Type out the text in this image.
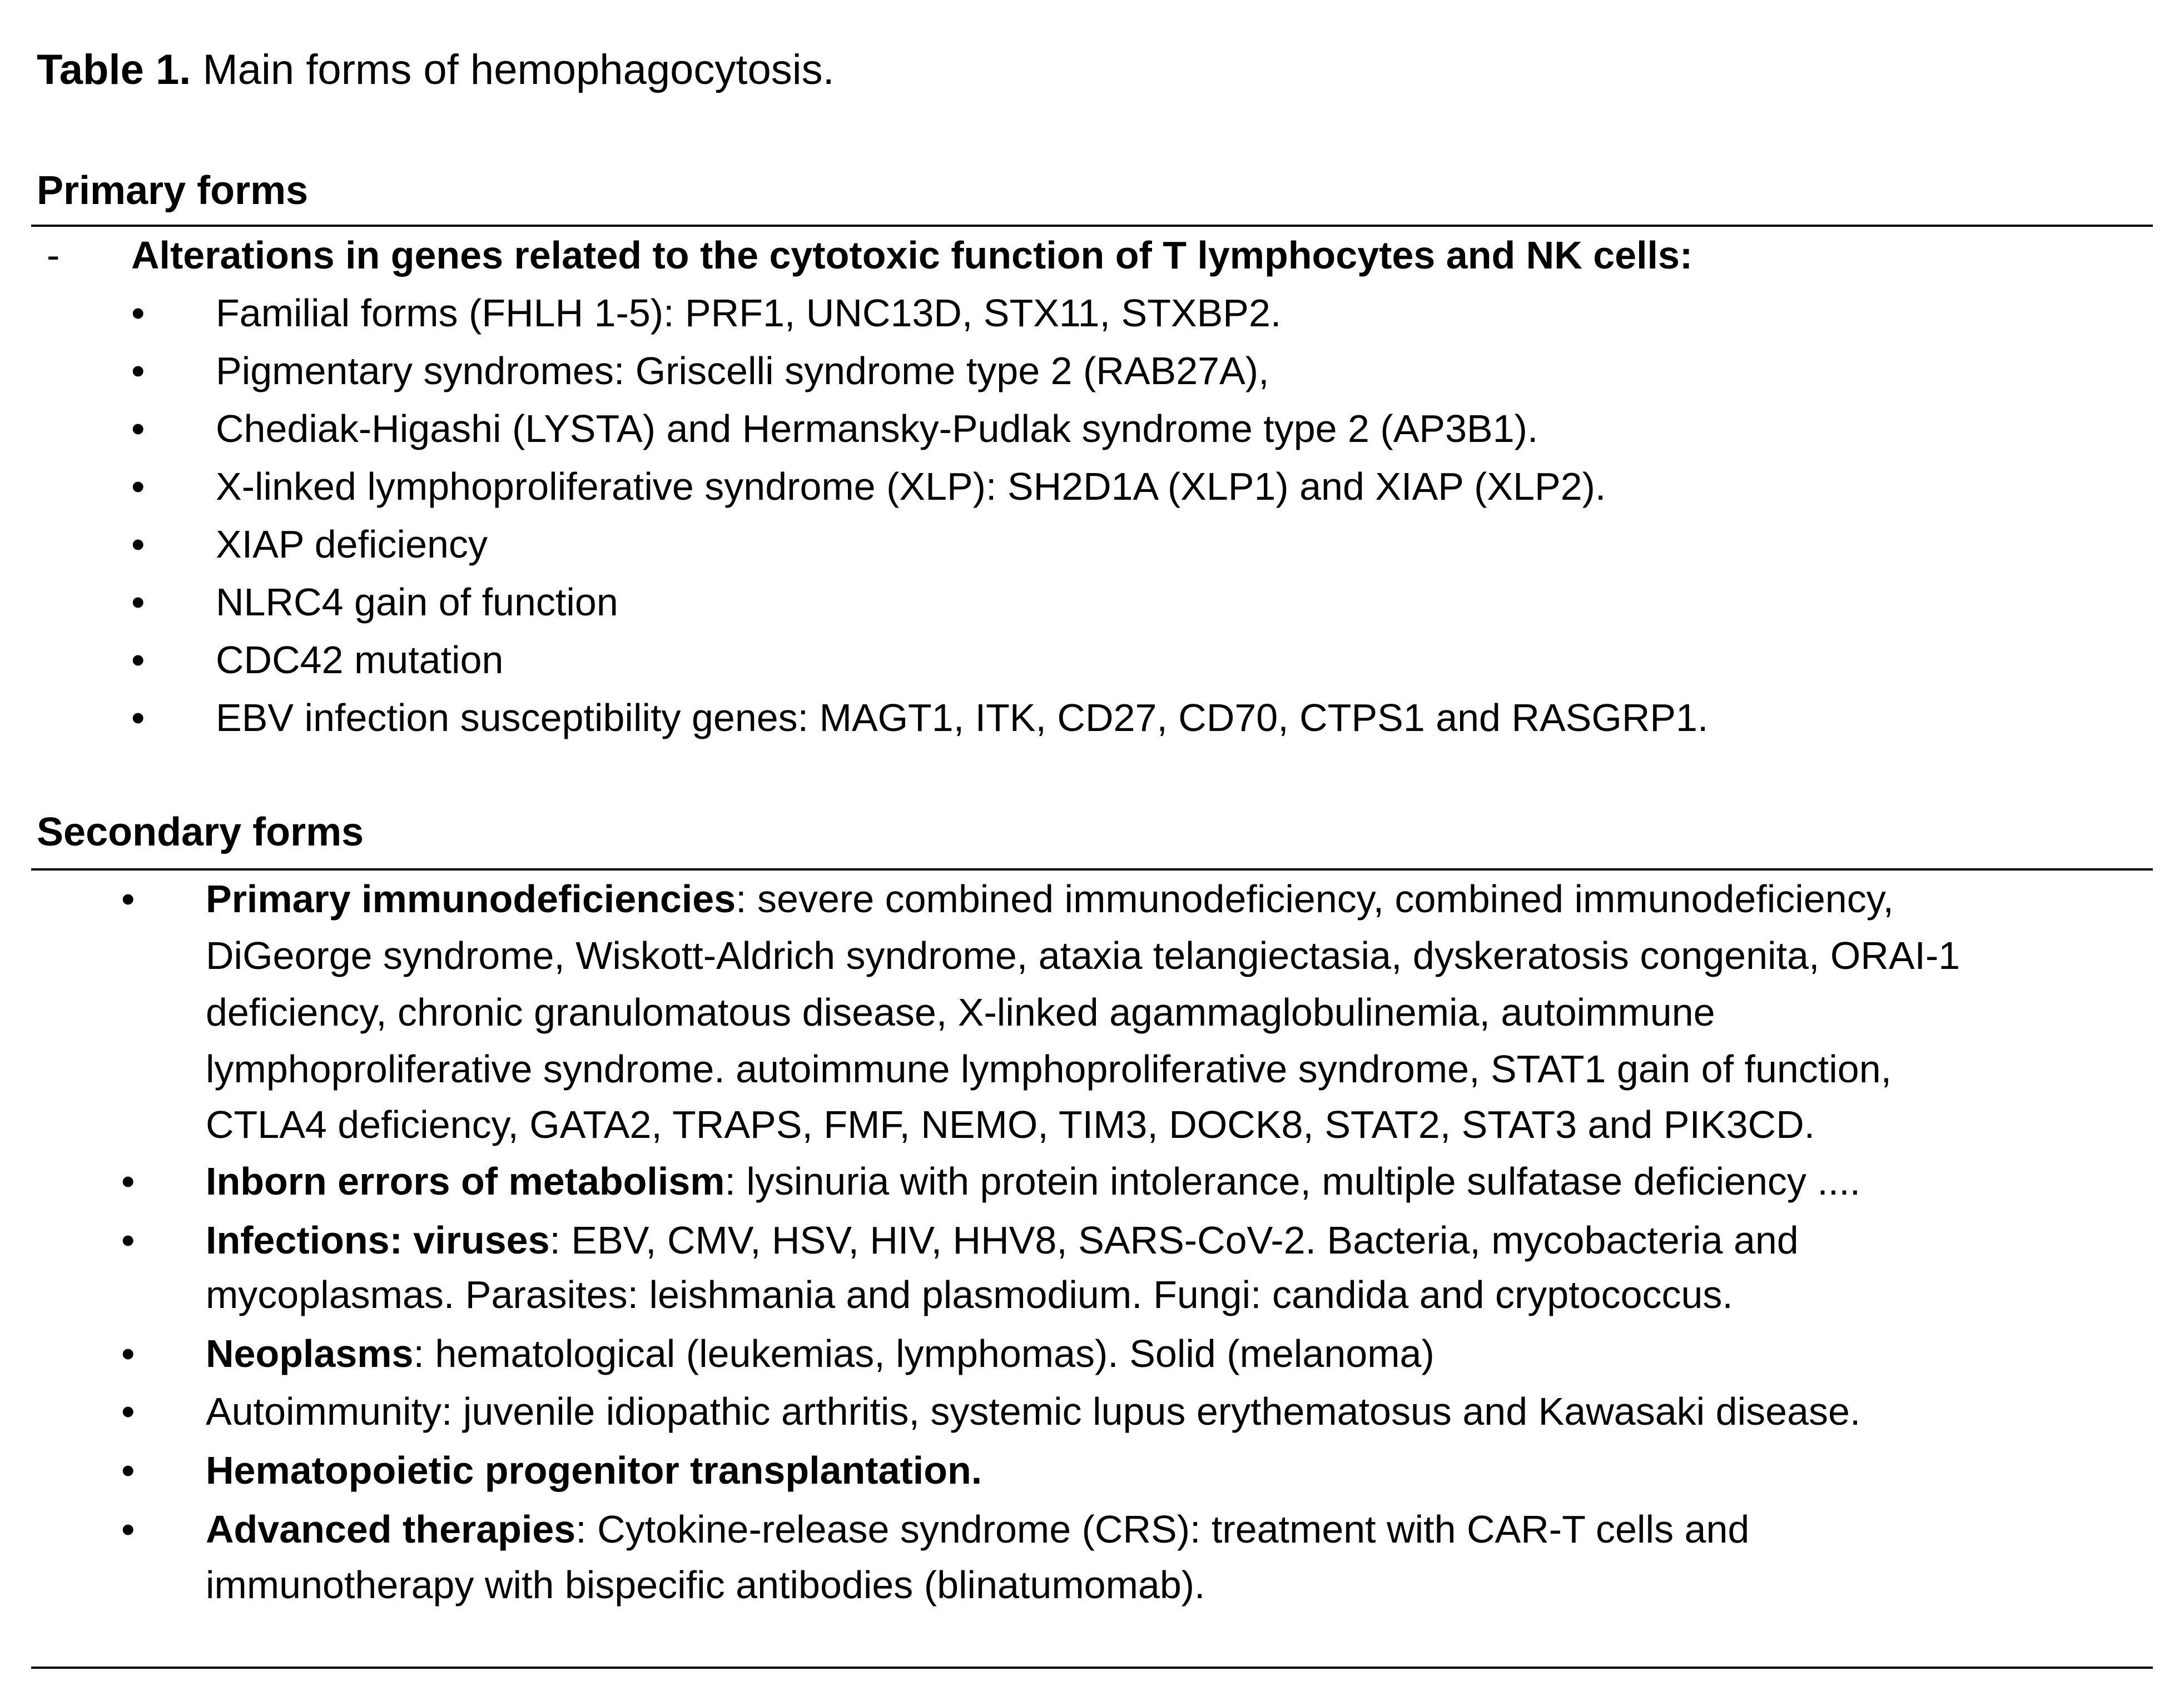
Table 1. Main forms of hemophagocytosis.
Primary forms
- Alterations in genes related to the cytotoxic function of T lymphocytes and NK cells:
• Familial forms (FHLH 1-5): PRF1, UNC13D, STX11, STXBP2.
• Pigmentary syndromes: Griscelli syndrome type 2 (RAB27A),
• Chediak-Higashi (LYSTA) and Hermansky-Pudlak syndrome type 2 (AP3B1).
• X-linked lymphoproliferative syndrome (XLP): SH2D1A (XLP1) and XIAP (XLP2).
• XIAP deficiency
• NLRC4 gain of function
• CDC42 mutation
• EBV infection susceptibility genes: MAGT1, ITK, CD27, CD70, CTPS1 and RASGRP1.
Secondary forms
• Primary immunodeficiencies: severe combined immunodeficiency, combined immunodeficiency,
DiGeorge syndrome, Wiskott-Aldrich syndrome, ataxia telangiectasia, dyskeratosis congenita, ORAI-1
deficiency, chronic granulomatous disease, X-linked agammaglobulinemia, autoimmune
lymphoproliferative syndrome. autoimmune lymphoproliferative syndrome, STAT1 gain of function,
CTLA4 deficiency, GATA2, TRAPS, FMF, NEMO, TIM3, DOCK8, STAT2, STAT3 and PIK3CD.
• Inborn errors of metabolism: lysinuria with protein intolerance, multiple sulfatase deficiency ....
• Infections: viruses: EBV, CMV, HSV, HIV, HHV8, SARS-CoV-2. Bacteria, mycobacteria and
mycoplasmas. Parasites: leishmania and plasmodium. Fungi: candida and cryptococcus.
• Neoplasms: hematological (leukemias, lymphomas). Solid (melanoma)
• Autoimmunity: juvenile idiopathic arthritis, systemic lupus erythematosus and Kawasaki disease.
• Hematopoietic progenitor transplantation.
• Advanced therapies: Cytokine-release syndrome (CRS): treatment with CAR-T cells and
immunotherapy with bispecific antibodies (blinatumomab).
